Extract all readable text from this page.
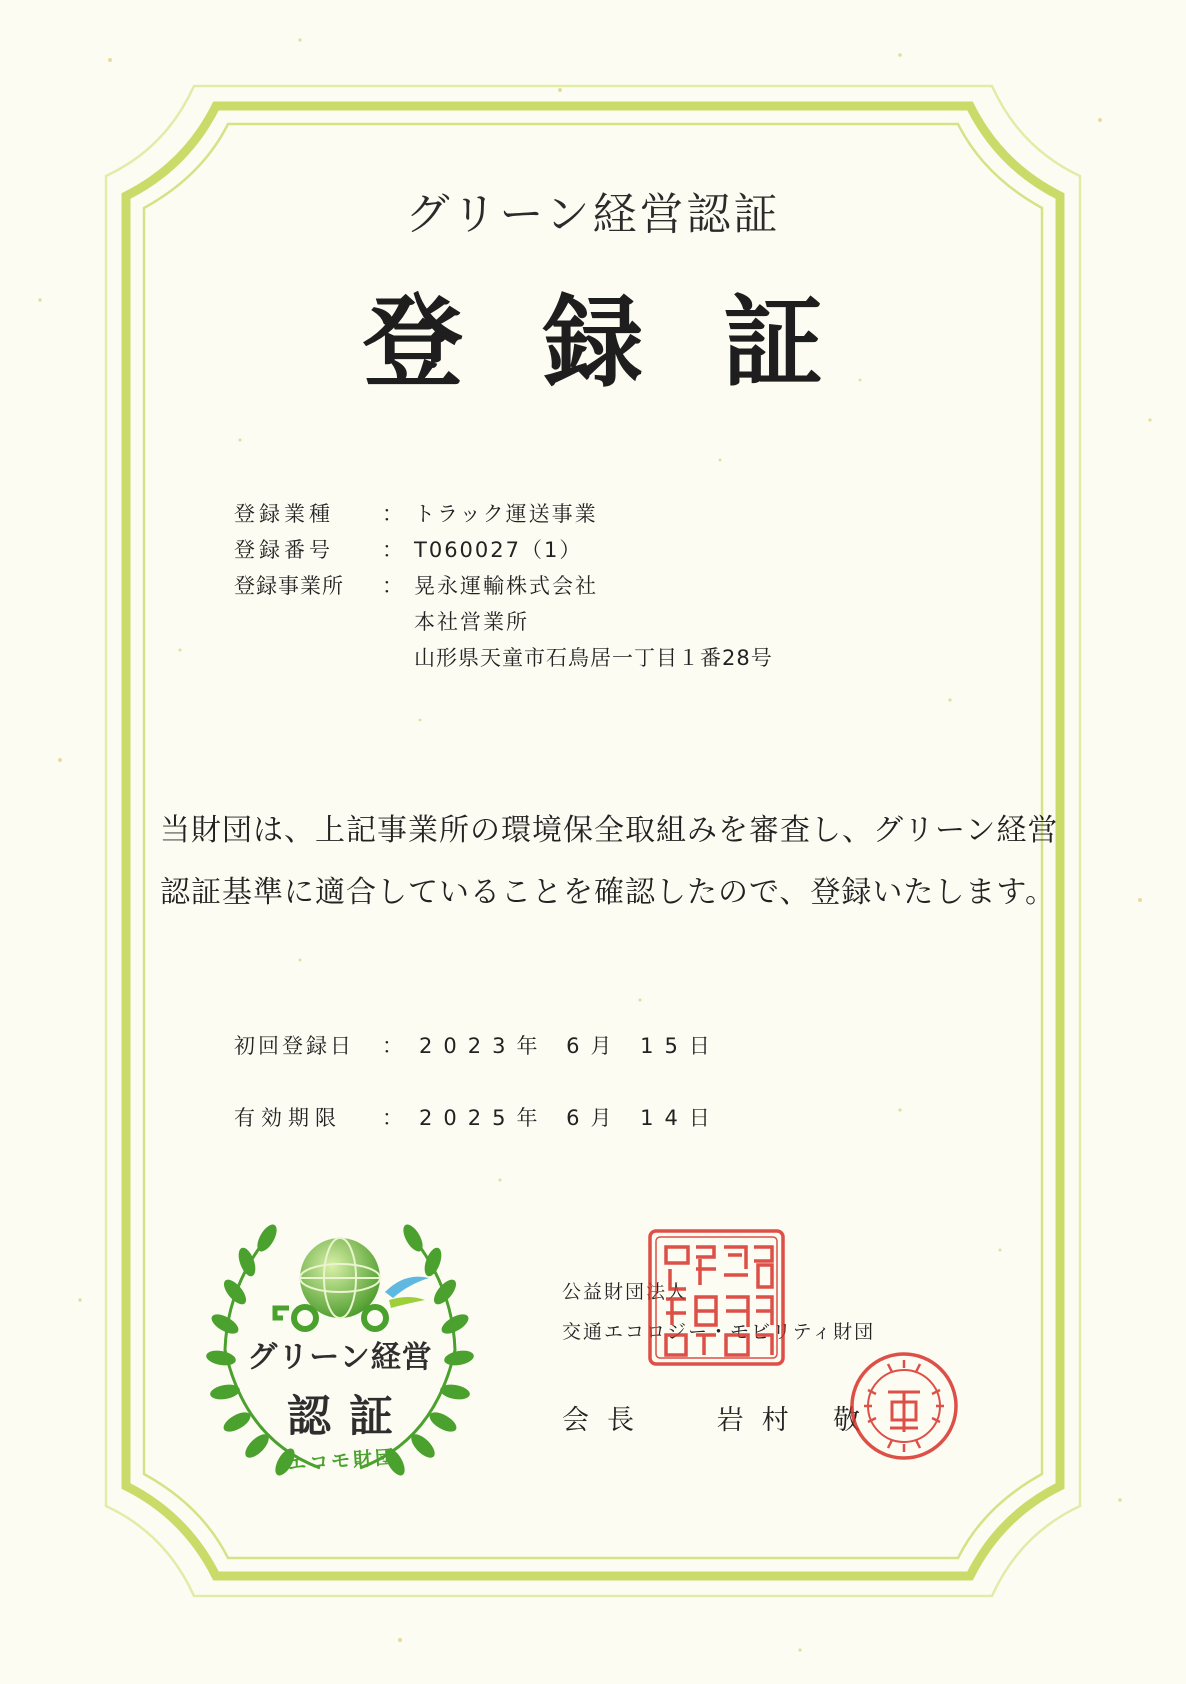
グリーン経営認証
登録証
登録業種 ： トラック運送事業
登録番号 ： T060027（1）
登録事業所 ： 晃永運輸株式会社
本社営業所
山形県天童市石鳥居一丁目１番28号
当財団は、上記事業所の環境保全取組みを審査し、グリーン経営
認証基準に適合していることを確認したので、登録いたします。
初回登録日 ： 2023年 6月 15日
有効期限 ： 2025年 6月 14日
グリーン経営
認証
エコモ財団
公益財団法人
交通エコロジー・モビリティ財団
会長 岩村 敬
